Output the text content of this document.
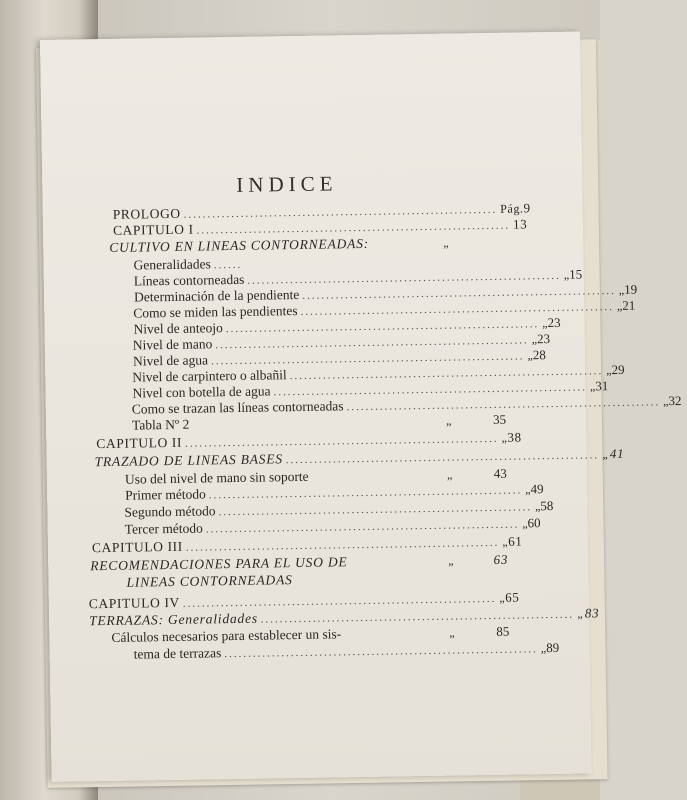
INDICE
PROLOGO .................................................................. Pág. 9
CAPITULO I .................................................................. 13
CULTIVO EN LINEAS CONTORNEADAS:	„
Generalidades ......
Líneas contorneadas .................................................................. „ 15
Determinación de la pendiente .................................................................. „ 19
Como se miden las pendientes .................................................................. „ 21
Nivel de anteojo .................................................................. „ 23
Nivel de mano .................................................................. „ 23
Nivel de agua .................................................................. „ 28
Nivel de carpintero o albañil .................................................................. „ 29
Nivel con botella de agua .................................................................. „ 31
Como se trazan las líneas contorneadas .................................................................. „ 32
Tabla Nº 2	„	35
CAPITULO II .................................................................. „ 38
TRAZADO DE LINEAS BASES .................................................................. „ 41
Uso del nivel de mano sin soporte	„	43
Primer método .................................................................. „ 49
Segundo método .................................................................. „ 58
Tercer método .................................................................. „ 60
CAPITULO III .................................................................. „ 61
RECOMENDACIONES PARA EL USO DE	„	63
LINEAS CONTORNEADAS
CAPITULO IV .................................................................. „ 65
TERRAZAS: Generalidades .................................................................. „ 83
Cálculos necesarios para establecer un sis-	„	85
tema de terrazas .................................................................. „ 89
